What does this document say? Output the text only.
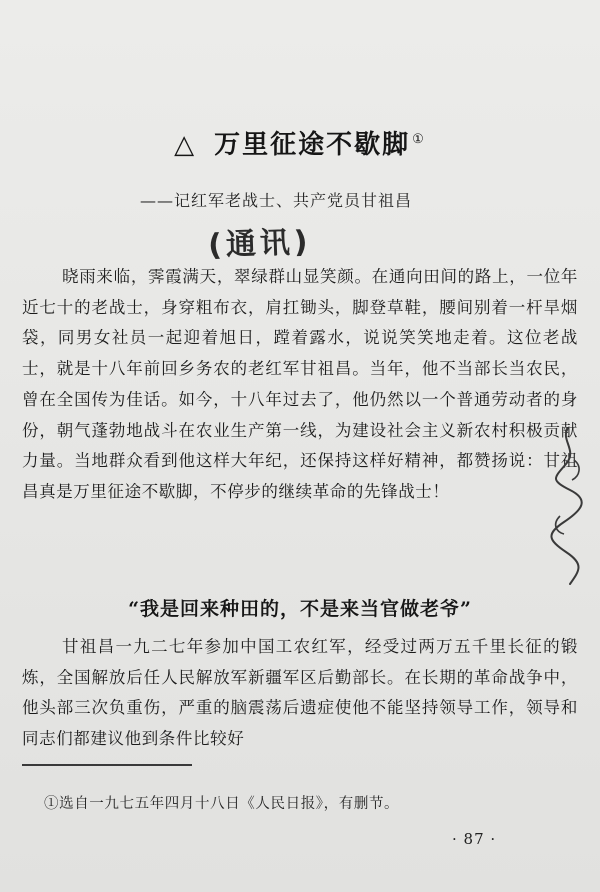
△ 万里征途不歇脚 ①
——记红军老战士、共产党员甘祖昌
(通讯)

晓雨来临，霁霞满天，翠绿群山显笑颜。在通向田间的路上，一位年近七十的老战士，身穿粗布衣，肩扛锄头，脚登草鞋，腰间别着一杆旱烟袋，同男女社员一起迎着旭日，蹚着露水，说说笑笑地走着。这位老战士，就是十八年前回乡务农的老红军甘祖昌。当年，他不当部长当农民，曾在全国传为佳话。如今，十八年过去了，他仍然以一个普通劳动者的身份，朝气蓬勃地战斗在农业生产第一线，为建设社会主义新农村积极贡献力量。当地群众看到他这样大年纪，还保持这样好精神，都赞扬说：甘祖昌真是万里征途不歇脚，不停步的继续革命的先锋战士！

“我是回来种田的，不是来当官做老爷”

甘祖昌一九二七年参加中国工农红军，经受过两万五千里长征的锻炼，全国解放后任人民解放军新疆军区后勤部长。在长期的革命战争中，他头部三次负重伤，严重的脑震荡后遗症使他不能坚持领导工作，领导和同志们都建议他到条件比较好

①选自一九七五年四月十八日《人民日报》，有删节。
· 87 ·
